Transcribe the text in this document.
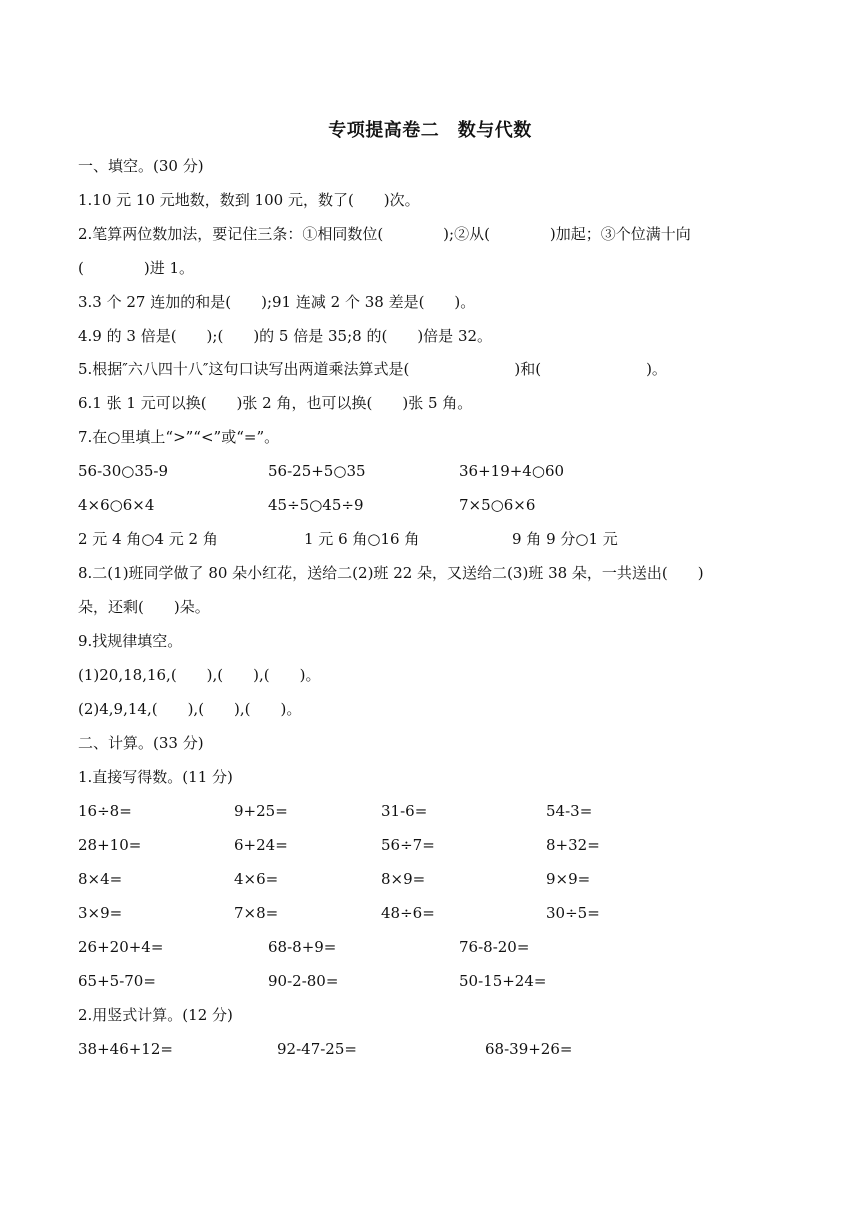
专项提高卷二　数与代数
一、填空。(30 分)
1.10 元 10 元地数，数到 100 元，数了(　　)次。
2.笔算两位数加法，要记住三条：①相同数位(　　　　);②从(　　　　)加起；③个位满十向
(　　　　)进 1。
3.3 个 27 连加的和是(　　);91 连减 2 个 38 差是(　　)。
4.9 的 3 倍是(　　);(　　)的 5 倍是 35;8 的(　　)倍是 32。
5.根据″六八四十八″这句口诀写出两道乘法算式是(　　　　　　　)和(　　　　　　　)。
6.1 张 1 元可以换(　　)张 2 角，也可以换(　　)张 5 角。
7.在○里填上“>”“<”或“=”。
56-30○35-9	56-25+5○35	36+19+4○60
4×6○6×4	45÷5○45÷9	7×5○6×6
2 元 4 角○4 元 2 角	1 元 6 角○16 角	9 角 9 分○1 元
8.二(1)班同学做了 80 朵小红花，送给二(2)班 22 朵，又送给二(3)班 38 朵，一共送出(　　)
朵，还剩(　　)朵。
9.找规律填空。
(1)20,18,16,(　　),(　　),(　　)。
(2)4,9,14,(　　),(　　),(　　)。
二、计算。(33 分)
1.直接写得数。(11 分)
16÷8=	9+25=	31-6=	54-3=
28+10=	6+24=	56÷7=	8+32=
8×4=	4×6=	8×9=	9×9=
3×9=	7×8=	48÷6=	30÷5=
26+20+4=	68-8+9=	76-8-20=
65+5-70=	90-2-80=	50-15+24=
2.用竖式计算。(12 分)
38+46+12=	92-47-25=	68-39+26=
